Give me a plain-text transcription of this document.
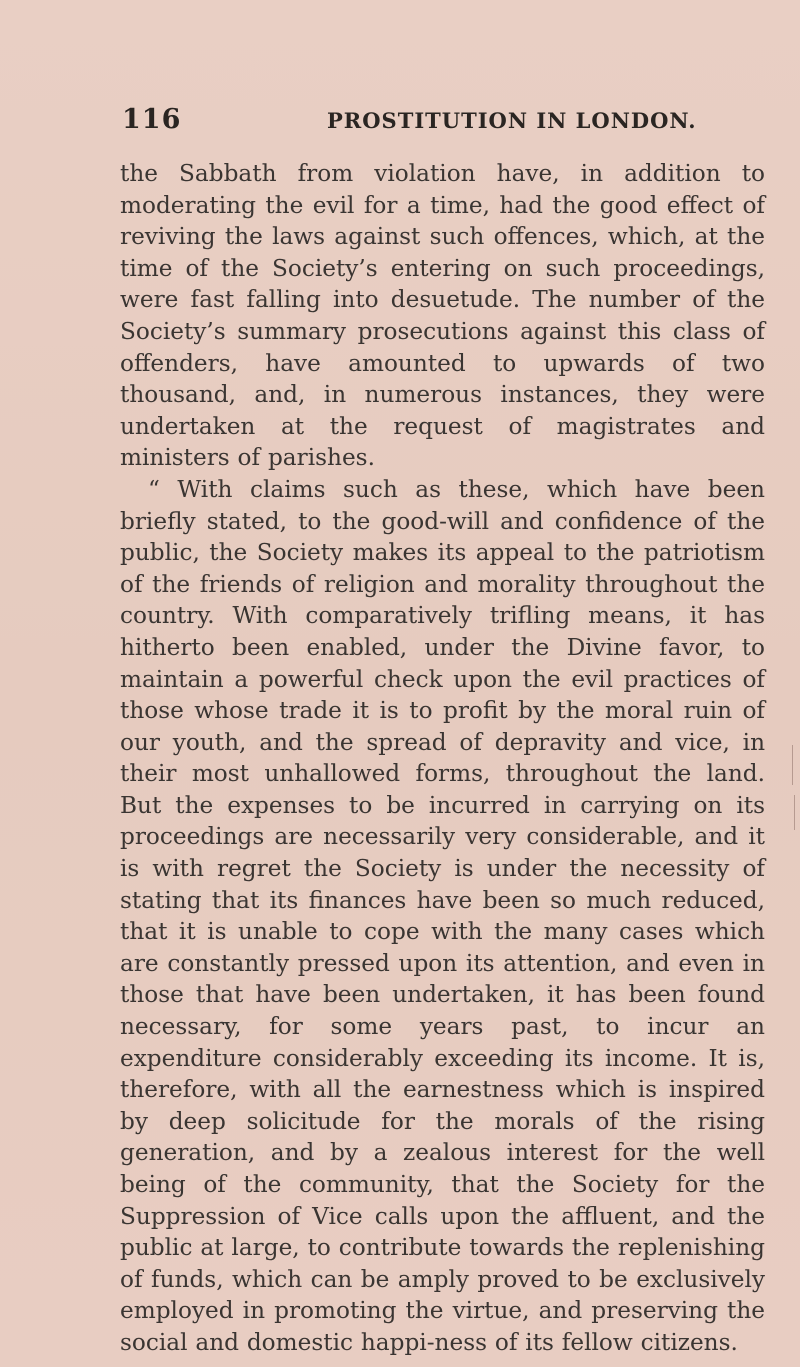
116	PROSTITUTION IN LONDON.

the Sabbath from violation have, in addition to moderating the evil for a time, had the good effect of reviving the laws against such offences, which, at the time of the Society’s entering on such proceedings, were fast falling into desuetude. The number of the Society’s summary prosecutions against this class of offenders, have amounted to upwards of two thousand, and, in numerous instances, they were undertaken at the request of magistrates and ministers of parishes.

“ With claims such as these, which have been briefly stated, to the good-will and confidence of the public, the Society makes its appeal to the patriotism of the friends of religion and morality throughout the country. With comparatively trifling means, it has hitherto been enabled, under the Divine favor, to maintain a powerful check upon the evil practices of those whose trade it is to profit by the moral ruin of our youth, and the spread of depravity and vice, in their most unhallowed forms, throughout the land. But the expenses to be incurred in carrying on its proceedings are necessarily very considerable, and it is with regret the Society is under the necessity of stating that its finances have been so much reduced, that it is unable to cope with the many cases which are constantly pressed upon its attention, and even in those that have been undertaken, it has been found necessary, for some years past, to incur an expenditure considerably exceeding its income. It is, therefore, with all the earnestness which is inspired by deep solicitude for the morals of the rising generation, and by a zealous interest for the well being of the community, that the Society for the Suppression of Vice calls upon the affluent, and the public at large, to contribute towards the replenishing of funds, which can be amply proved to be exclusively employed in promoting the virtue, and preserving the social and domestic happi-ness of its fellow citizens.
